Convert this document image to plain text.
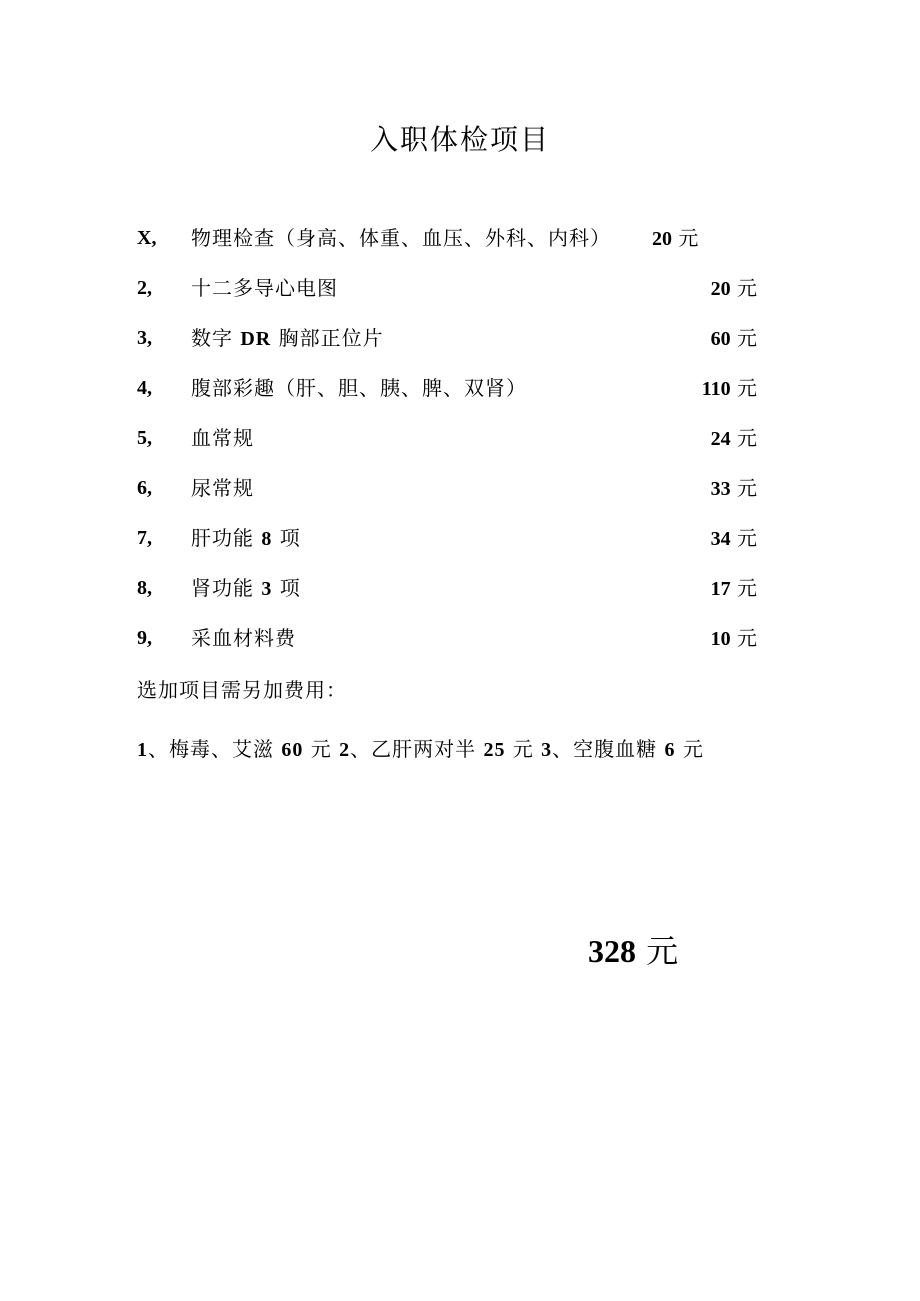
入职体检项目
X, 物理检查（身高、体重、血压、外科、内科） 20 元
2, 十二多导心电图	20 元
3, 数字 DR 胸部正位片	60 元
4, 腹部彩趣（肝、胆、胰、脾、双肾）	110 元
5, 血常规	24 元
6, 尿常规	33 元
7, 肝功能 8 项	34 元
8, 肾功能 3 项	17 元
9, 采血材料费	10 元
选加项目需另加费用：
1、梅毒、艾滋 60 元 2、乙肝两对半 25 元 3、空腹血糖 6 元
328 元
